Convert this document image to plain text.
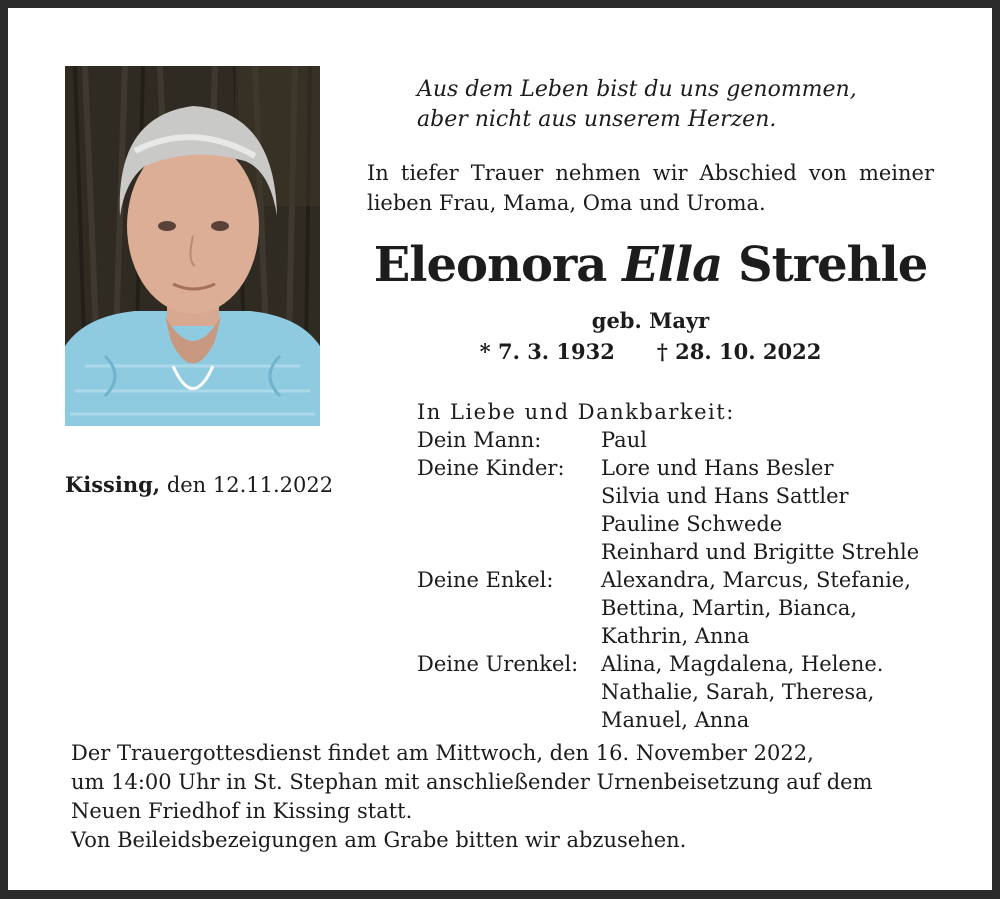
Kissing, den 12.11.2022
Aus dem Leben bist du uns genommen,
aber nicht aus unserem Herzen.
In tiefer Trauer nehmen wir Abschied von meiner lieben Frau, Mama, Oma und Uroma.
Eleonora Ella Strehle
geb. Mayr
* 7. 3. 1932 † 28. 10. 2022
In Liebe und Dankbarkeit:
Dein Mann:	Paul
Deine Kinder:	Lore und Hans Besler
Silvia und Hans Sattler
Pauline Schwede
Reinhard und Brigitte Strehle
Deine Enkel:	Alexandra, Marcus, Stefanie,
Bettina, Martin, Bianca,
Kathrin, Anna
Deine Urenkel:	Alina, Magdalena, Helene.
Nathalie, Sarah, Theresa,
Manuel, Anna
Der Trauergottesdienst findet am Mittwoch, den 16. November 2022,
um 14:00 Uhr in St. Stephan mit anschließender Urnenbeisetzung auf dem
Neuen Friedhof in Kissing statt.
Von Beileidsbezeigungen am Grabe bitten wir abzusehen.
